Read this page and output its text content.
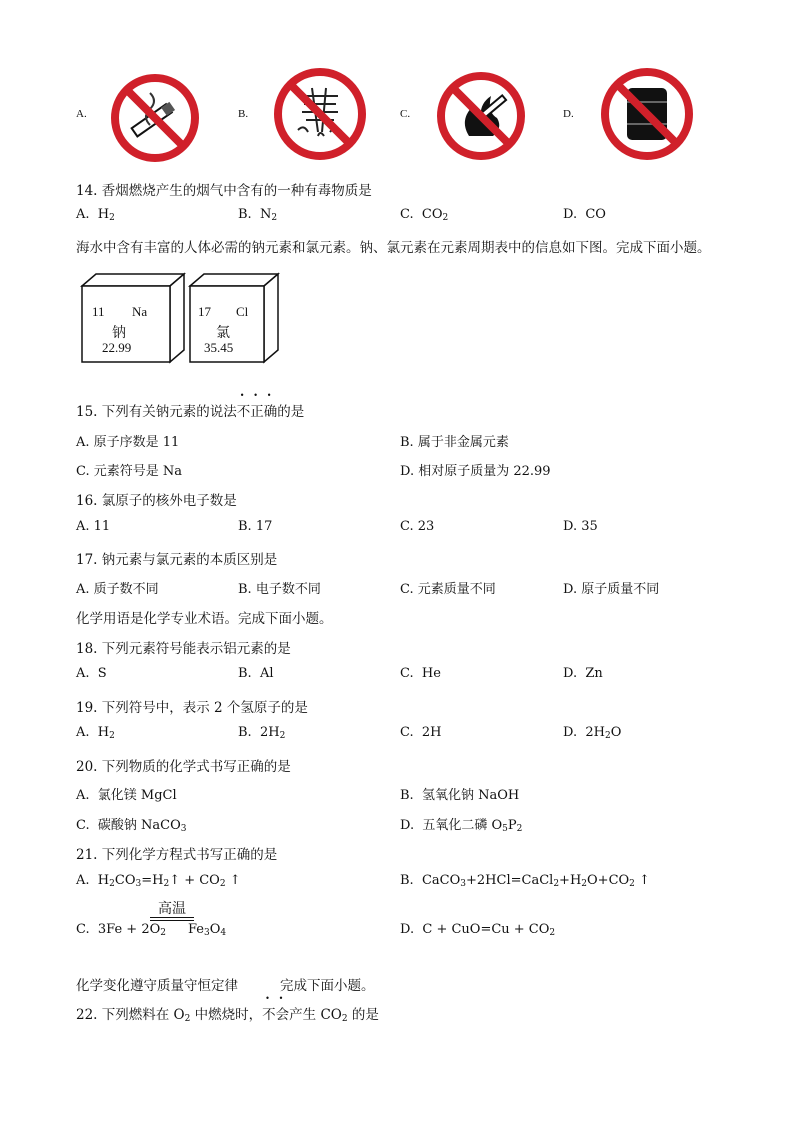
A.	B.	C.	D.
14. 香烟燃烧产生的烟气中含有的一种有毒物质是
A. $H_2$	B. $N_2$	C. $CO_2$	D. CO
海水中含有丰富的人体必需的钠元素和氯元素。钠、氯元素在元素周期表中的信息如下图。完成下面小题。
11 Na
钠
22.99
17 Cl
氯
35.45
15. 下列有关钠元素的说法不正确的是
A. 原子序数是 11	B. 属于非金属元素
C. 元素符号是 Na	D. 相对原子质量为 22.99
16. 氯原子的核外电子数是
A. 11	B. 17	C. 23	D. 35
17. 钠元素与氯元素的本质区别是
A. 质子数不同	B. 电子数不同	C. 元素质量不同	D. 原子质量不同
化学用语是化学专业术语。完成下面小题。
18. 下列元素符号能表示铝元素的是
A. S	B. Al	C. He	D. Zn
19. 下列符号中，表示 2 个氢原子的是
A. $H_2$	B. $2H_2$	C. 2H	D. $2H_2O$
20. 下列物质的化学式书写正确的是
A. 氯化镁 MgCl	B. 氢氧化钠 NaOH
C. 碳酸钠 NaCO$_3$	D. 五氧化二磷 $O_5P_2$
21. 下列化学方程式书写正确的是
A. $H_2CO_3=H_2↑ + CO_2$ ↑	B. $CaCO_3+2HCl=CaCl_2+H_2O+CO_2$ ↑
C. $3Fe + 2O_2$
高温
$Fe_3O_4$	D. $C + CuO=Cu + CO_2$
化学变化遵守质量守恒定律	完成下面小题。
22. 下列燃料在 $O_2$ 中燃烧时，不会产生 $CO_2$ 的是
